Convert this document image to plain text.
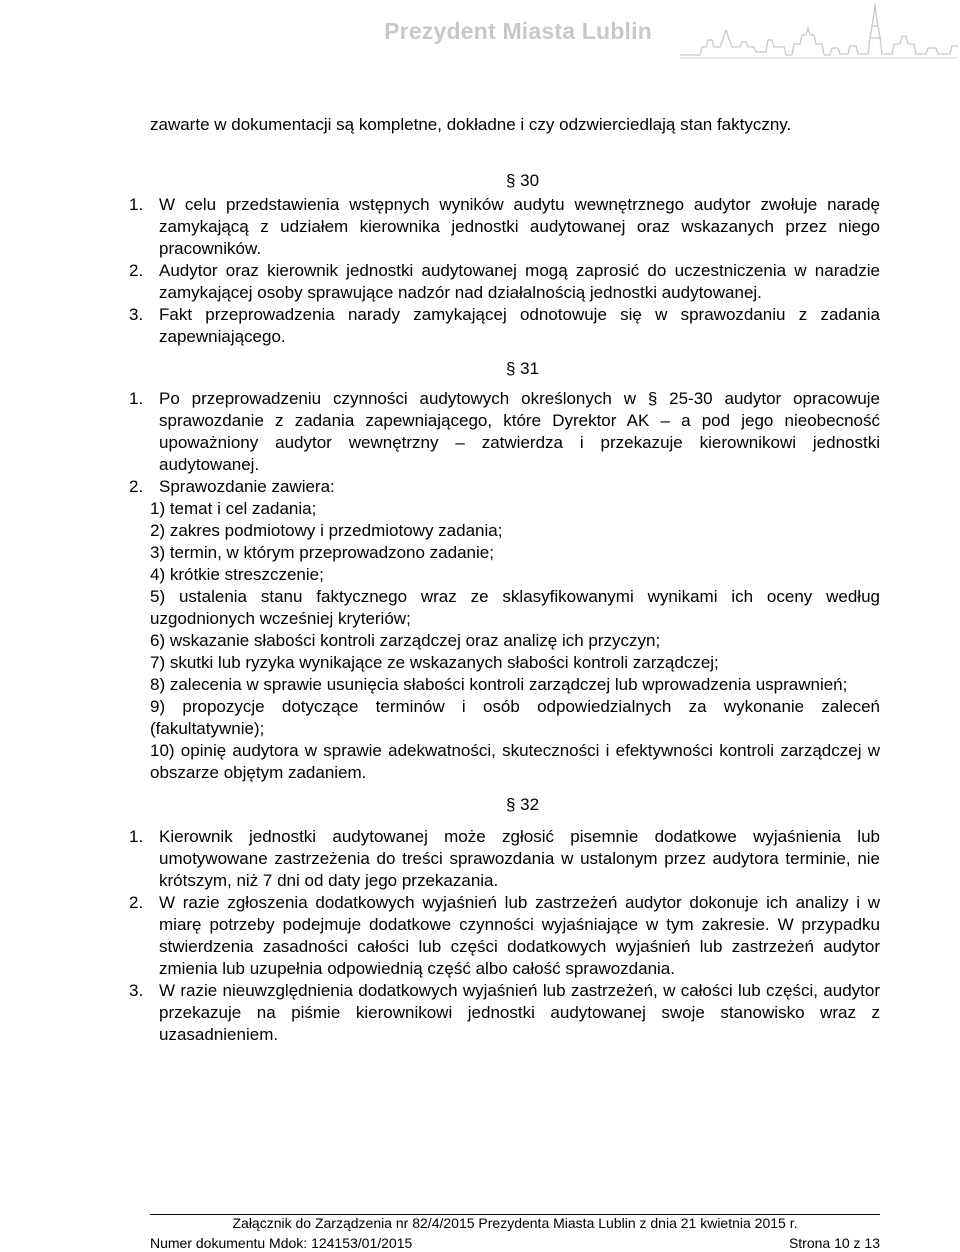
Prezydent Miasta Lublin

zawarte w dokumentacji są kompletne, dokładne i czy odzwierciedlają stan faktyczny.

§ 30

1. W celu przedstawienia wstępnych wyników audytu wewnętrznego audytor zwołuje naradę zamykającą z udziałem kierownika jednostki audytowanej oraz wskazanych przez niego pracowników.
2. Audytor oraz kierownik jednostki audytowanej mogą zaprosić do uczestniczenia w naradzie zamykającej osoby sprawujące nadzór nad działalnością jednostki audytowanej.
3. Fakt przeprowadzenia narady zamykającej odnotowuje się w sprawozdaniu z zadania zapewniającego.

§ 31

1. Po przeprowadzeniu czynności audytowych określonych w § 25-30 audytor opracowuje sprawozdanie z zadania zapewniającego, które Dyrektor AK – a pod jego nieobecność upoważniony audytor wewnętrzny – zatwierdza i przekazuje kierownikowi jednostki audytowanej.
2. Sprawozdanie zawiera:

1) temat i cel zadania;

2) zakres podmiotowy i przedmiotowy zadania;

3) termin, w którym przeprowadzono zadanie;

4) krótkie streszczenie;

5) ustalenia stanu faktycznego wraz ze sklasyfikowanymi wynikami ich oceny według uzgodnionych wcześniej kryteriów;

6) wskazanie słabości kontroli zarządczej oraz analizę ich przyczyn;

7) skutki lub ryzyka wynikające ze wskazanych słabości kontroli zarządczej;

8) zalecenia w sprawie usunięcia słabości kontroli zarządczej lub wprowadzenia usprawnień;

9) propozycje dotyczące terminów i osób odpowiedzialnych za wykonanie zaleceń (fakultatywnie);

10) opinię audytora w sprawie adekwatności, skuteczności i efektywności kontroli zarządczej w obszarze objętym zadaniem.

§ 32

1. Kierownik jednostki audytowanej może zgłosić pisemnie dodatkowe wyjaśnienia lub umotywowane zastrzeżenia do treści sprawozdania w ustalonym przez audytora terminie, nie krótszym, niż 7 dni od daty jego przekazania.
2. W razie zgłoszenia dodatkowych wyjaśnień lub zastrzeżeń audytor dokonuje ich analizy i w miarę potrzeby podejmuje dodatkowe czynności wyjaśniające w tym zakresie. W przypadku stwierdzenia zasadności całości lub części dodatkowych wyjaśnień lub zastrzeżeń audytor zmienia lub uzupełnia odpowiednią część albo całość sprawozdania.
3. W razie nieuwzględnienia dodatkowych wyjaśnień lub zastrzeżeń, w całości lub części, audytor przekazuje na piśmie kierownikowi jednostki audytowanej swoje stanowisko wraz z uzasadnieniem.
Załącznik do Zarządzenia nr 82/4/2015 Prezydenta Miasta Lublin z dnia 21 kwietnia 2015 r.
Numer dokumentu Mdok: 124153/01/2015	Strona 10 z 13
